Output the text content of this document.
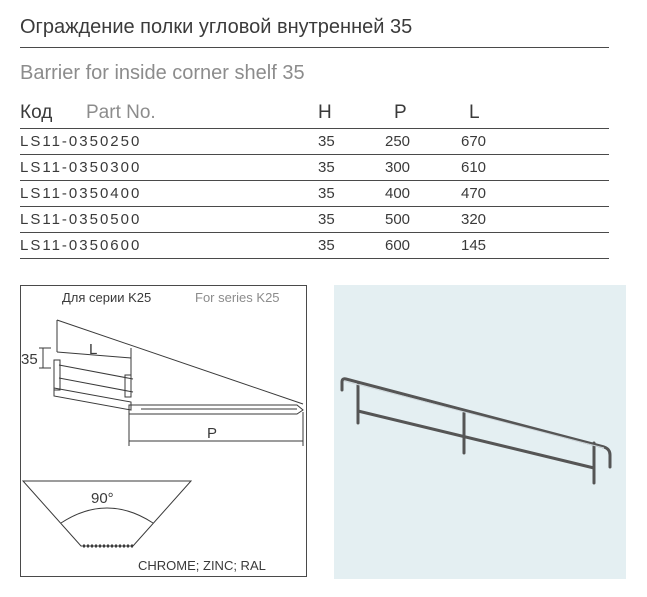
Ограждение полки угловой внутренней 35
Barrier for inside corner shelf 35
Код Part No.	H	P	L
LS11-0350250	35	250	670
LS11-0350300	35	300	610
LS11-0350400	35	400	470
LS11-0350500	35	500	320
LS11-0350600	35	600	145
Для серии K25	For series K25
L
35
P
90°
CHROME; ZINC; RAL
